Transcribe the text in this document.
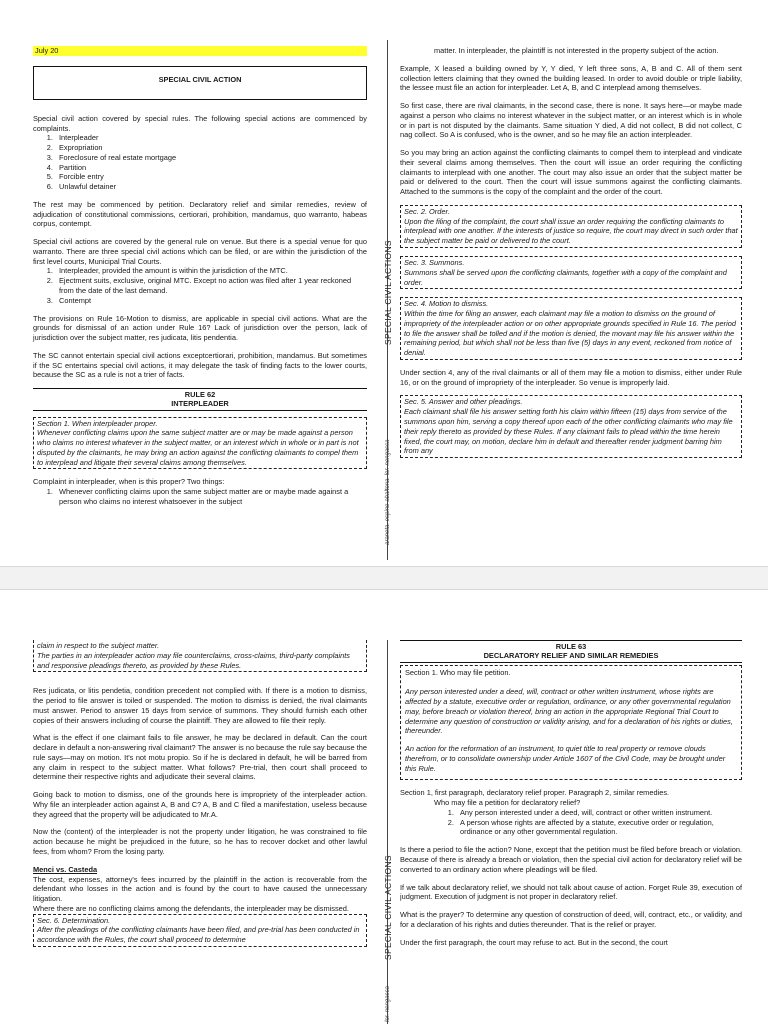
July 20
SPECIAL CIVIL ACTIONS
aranetа. espino-abaltona. lor. nengasca
SPECIAL CIVIL ACTION

Special civil action covered by special rules. The following special actions are commenced by complaints.

1. Interpleader
2. Expropriation
3. Foreclosure of real estate mortgage
4. Partition
5. Forcible entry
6. Unlawful detainer

The rest may be commenced by petition. Declaratory relief and similar remedies, review of adjudication of constitutional commissions, certiorari, prohibition, mandamus, quo warranto, habeas corpus, contempt.

Special civil actions are covered by the general rule on venue. But there is a special venue for quo warranto. There are three special civil actions which can be filed, or are within the jurisdiction of the first level courts, Municipal Trial Courts.

1. Interpleader, provided the amount is within the jurisdiction of the MTC.
2. Ejectment suits, exclusive, original MTC. Except no action was filed after 1 year reckoned from the date of the last demand.
3. Contempt

The provisions on Rule 16-Motion to dismiss, are applicable in special civil actions. What are the grounds for dismissal of an action under Rule 16? Lack of jurisdiction over the person, lack of jurisdiction over the subject matter, res judicata, litis pendentia.

The SC cannot entertain special civil actions exceptcertiorari, prohibition, mandamus. But sometimes if the SC entertains special civil actions, it may delegate the task of finding facts to the lower courts, because the SC as a rule is not a trier of facts.

RULE 62
INTERPLEADER
Section 1. When interpleader proper.
Whenever conflicting claims upon the same subject matter are or may be made against a person who claims no interest whatever in the subject matter, or an interest which in whole or in part is not disputed by the claimants, he may bring an action against the conflicting claimants to compel them to interplead and litigate their several claims among themselves.

Complaint in interpleader, when is this proper? Two things:

1. Whenever conflicting claims upon the same subject matter are or maybe made against a person who claims no interest whatsoever in the subject

matter. In interpleader, the plaintiff is not interested in the property subject of the action.

Example, X leased a building owned by Y, Y died, Y left three sons, A, B and C. All of them sent collection letters claiming that they owned the building leased. In order to avoid double or triple liability, the lessee must file an action for interpleader. Let A, B, and C interplead among themselves.

So first case, there are rival claimants, in the second case, there is none. It says here—or maybe made against a person who claims no interest whatever in the subject matter, or an interest which is in whole or in part is not disputed by the claimants. Same situation Y died, A did not collect, B did not collect, C nag collect. So A is confused, who is the owner, and so he may file an action interpleader.

So you may bring an action against the conflicting claimants to compel them to interplead and vindicate their several claims among themselves. Then the court will issue an order requiring the conflicting claimants to interplead with one another. The court may also issue an order that the subject matter be paid or delivered to the court. Then the court will issue summons against the conflicting claimants. Attached to the summons is the copy of the complaint and the order of the court.

Sec. 2. Order.
Upon the filing of the complaint, the court shall issue an order requiring the conflicting claimants to interplead with one another. If the interests of justice so require, the court may direct in such order that the subject matter be paid or delivered to the court.
Sec. 3. Summons.
Summons shall be served upon the conflicting claimants, together with a copy of the complaint and order.
Sec. 4. Motion to dismiss.
Within the time for filing an answer, each claimant may file a motion to dismiss on the ground of impropriety of the interpleader action or on other appropriate grounds specified in Rule 16. The period to file the answer shall be tolled and if the motion is denied, the movant may file his answer within the remaining period, but which shall not be less than five (5) days in any event, reckoned from notice of denial.

Under section 4, any of the rival claimants or all of them may file a motion to dismiss, either under Rule 16, or on the ground of impropriety of the interpleader. So venue is improperly laid.

Sec. 5. Answer and other pleadings.
Each claimant shall file his answer setting forth his claim within fifteen (15) days from service of the summons upon him, serving a copy thereof upon each of the other conflicting claimants who may file their reply thereto as provided by these Rules. If any claimant fails to plead within the time herein fixed, the court may, on motion, declare him in default and thereafter render judgment barring him from any
SPECIAL CIVIL ACTIONS
lor. nengasca
claim in respect to the subject matter.
The parties in an interpleader action may file counterclaims, cross-claims, third-party complaints and responsive pleadings thereto, as provided by these Rules.

Res judicata, or litis pendetia, condition precedent not complied with. If there is a motion to dismiss, the period to file answer is toiled or suspended. The motion to dismiss is denied, the rival claimants must answer. Period to answer 15 days from service of summons. They should furnish each other copies of their answers including of course the plaintiff. They are allowed to file their reply.

What is the effect if one claimant fails to file answer, he may be declared in default. Can the court declare in default a non-answering rival claimant? The answer is no because the rule say because the rule says—may on motion. It's not motu propio. So if he is declared in default, he will be barred from any claim in respect to the subject matter. What follows? Pre-trial, then court shall proceed to determine their respective rights and adjudicate their several claims.

Going back to motion to dismiss, one of the grounds here is impropriety of the interpleader action. Why file an interpleader action against A, B and C? A, B and C filed a manifestation, useless because they agreed that the property will be adjudicated to Mr.A.

Now the (content) of the interpleader is not the property under litigation, he was constrained to file action because he might be prejudiced in the future, so he has to recover docket and other lawful fees, from whom? From the losing party.

Menci vs. Casteda

The cost, expenses, attorney's fees incurred by the plaintiff in the action is recoverable from the defendant who losses in the action and is found by the court to have caused the unnecessary litigation.
Where there are no conflicting claims among the defendants, the interpleader may be dismissed.

Sec. 6. Determination.
After the pleadings of the conflicting claimants have been filed, and pre-trial has been conducted in accordance with the Rules, the court shall proceed to determine
RULE 63
DECLARATORY RELIEF AND SIMILAR REMEDIES
Section 1. Who may file petition.
Any person interested under a deed, will, contract or other written instrument, whose rights are affected by a statute, executive order or regulation, ordinance, or any other governmental regulation may, before breach or violation thereof, bring an action in the appropriate Regional Trial Court to determine any question of construction or validity arising, and for a declaration of his rights or duties, thereunder.
An action for the reformation of an instrument, to quiet title to real property or remove clouds therefrom, or to consolidate ownership under Article 1607 of the Civil Code, may be brought under this Rule.

Section 1, first paragraph, declaratory relief proper. Paragraph 2, similar remedies.

Who may file a petition for declaratory relief?
1. Any person interested under a deed, will, contract or other written instrument.
2. A person whose rights are affected by a statute, executive order or regulation, ordinance or any other governmental regulation.

Is there a period to file the action? None, except that the petition must be filed before breach or violation. Because of there is already a breach or violation, then the special civil action for declaratory relief will be converted to an ordinary action where pleadings will be filed.

If we talk about declaratory relief, we should not talk about cause of action. Forget Rule 39, execution of judgment. Execution of judgment is not proper in declaratory relief.

What is the prayer? To determine any question of construction of deed, will, contract, etc., or validity, and for a declaration of his rights and duties thereunder. That is the relief or prayer.

Under the first paragraph, the court may refuse to act. But in the second, the court
